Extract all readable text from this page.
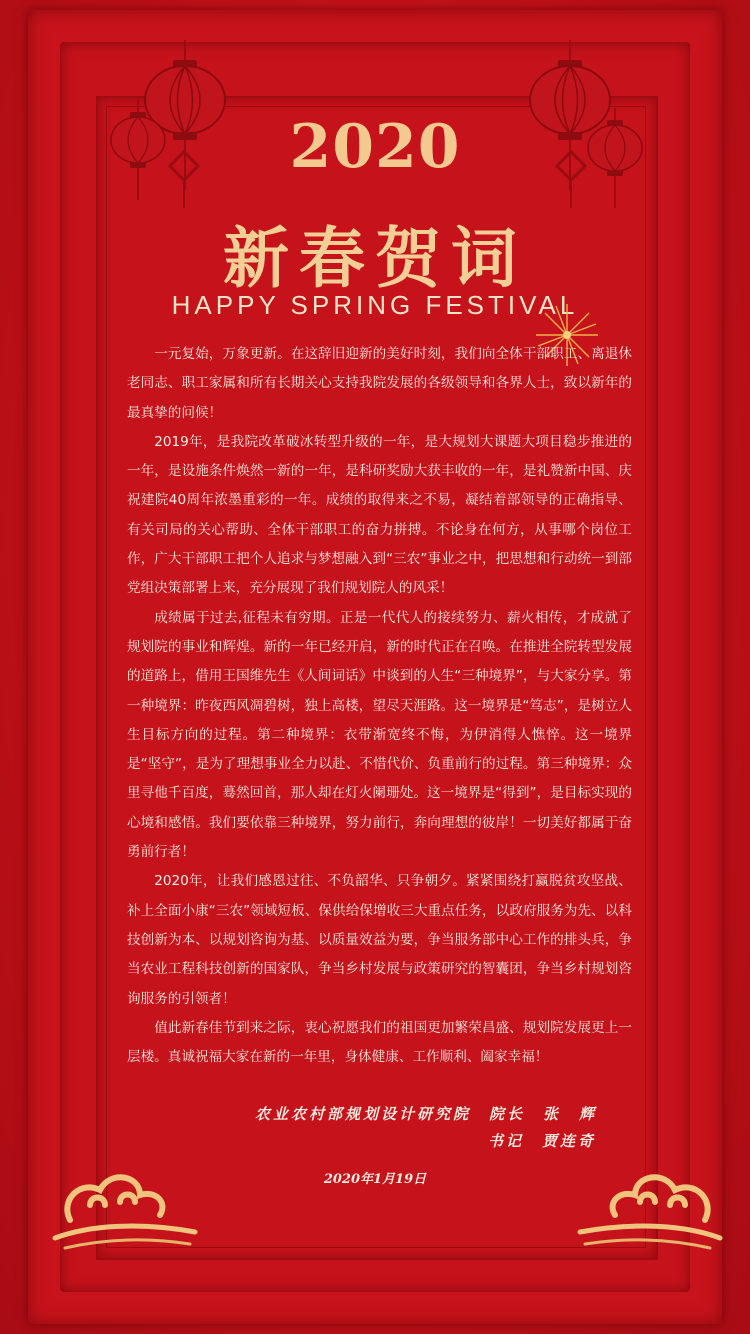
2020
新春贺词
HAPPY SPRING FESTIVAL

一元复始，万象更新。在这辞旧迎新的美好时刻，我们向全体干部职工、离退休老同志、职工家属和所有长期关心支持我院发展的各级领导和各界人士，致以新年的最真挚的问候！

2019年，是我院改革破冰转型升级的一年，是大规划大课题大项目稳步推进的一年，是设施条件焕然一新的一年，是科研奖励大获丰收的一年，是礼赞新中国、庆祝建院40周年浓墨重彩的一年。成绩的取得来之不易，凝结着部领导的正确指导、有关司局的关心帮助、全体干部职工的奋力拼搏。不论身在何方，从事哪个岗位工作，广大干部职工把个人追求与梦想融入到“三农”事业之中，把思想和行动统一到部党组决策部署上来，充分展现了我们规划院人的风采！

成绩属于过去,征程未有穷期。正是一代代人的接续努力、薪火相传，才成就了规划院的事业和辉煌。新的一年已经开启，新的时代正在召唤。在推进全院转型发展的道路上，借用王国维先生《人间词话》中谈到的人生“三种境界”，与大家分享。第一种境界：昨夜西风凋碧树，独上高楼，望尽天涯路。这一境界是“笃志”，是树立人生目标方向的过程。第二种境界：衣带渐宽终不悔，为伊消得人憔悴。这一境界是“坚守”，是为了理想事业全力以赴、不惜代价、负重前行的过程。第三种境界：众里寻他千百度，蓦然回首，那人却在灯火阑珊处。这一境界是“得到”，是目标实现的心境和感悟。我们要依靠三种境界，努力前行，奔向理想的彼岸！一切美好都属于奋勇前行者！

2020年，让我们感恩过往、不负韶华、只争朝夕。紧紧围绕打赢脱贫攻坚战、补上全面小康“三农”领域短板、保供给保增收三大重点任务，以政府服务为先、以科技创新为本、以规划咨询为基、以质量效益为要，争当服务部中心工作的排头兵，争当农业工程科技创新的国家队，争当乡村发展与政策研究的智囊团，争当乡村规划咨询服务的引领者！

值此新春佳节到来之际，衷心祝愿我们的祖国更加繁荣昌盛、规划院发展更上一层楼。真诚祝福大家在新的一年里，身体健康、工作顺利、阖家幸福！

农业农村部规划设计研究院　院长　张　辉
书记　贾连奇
2020年1月19日
